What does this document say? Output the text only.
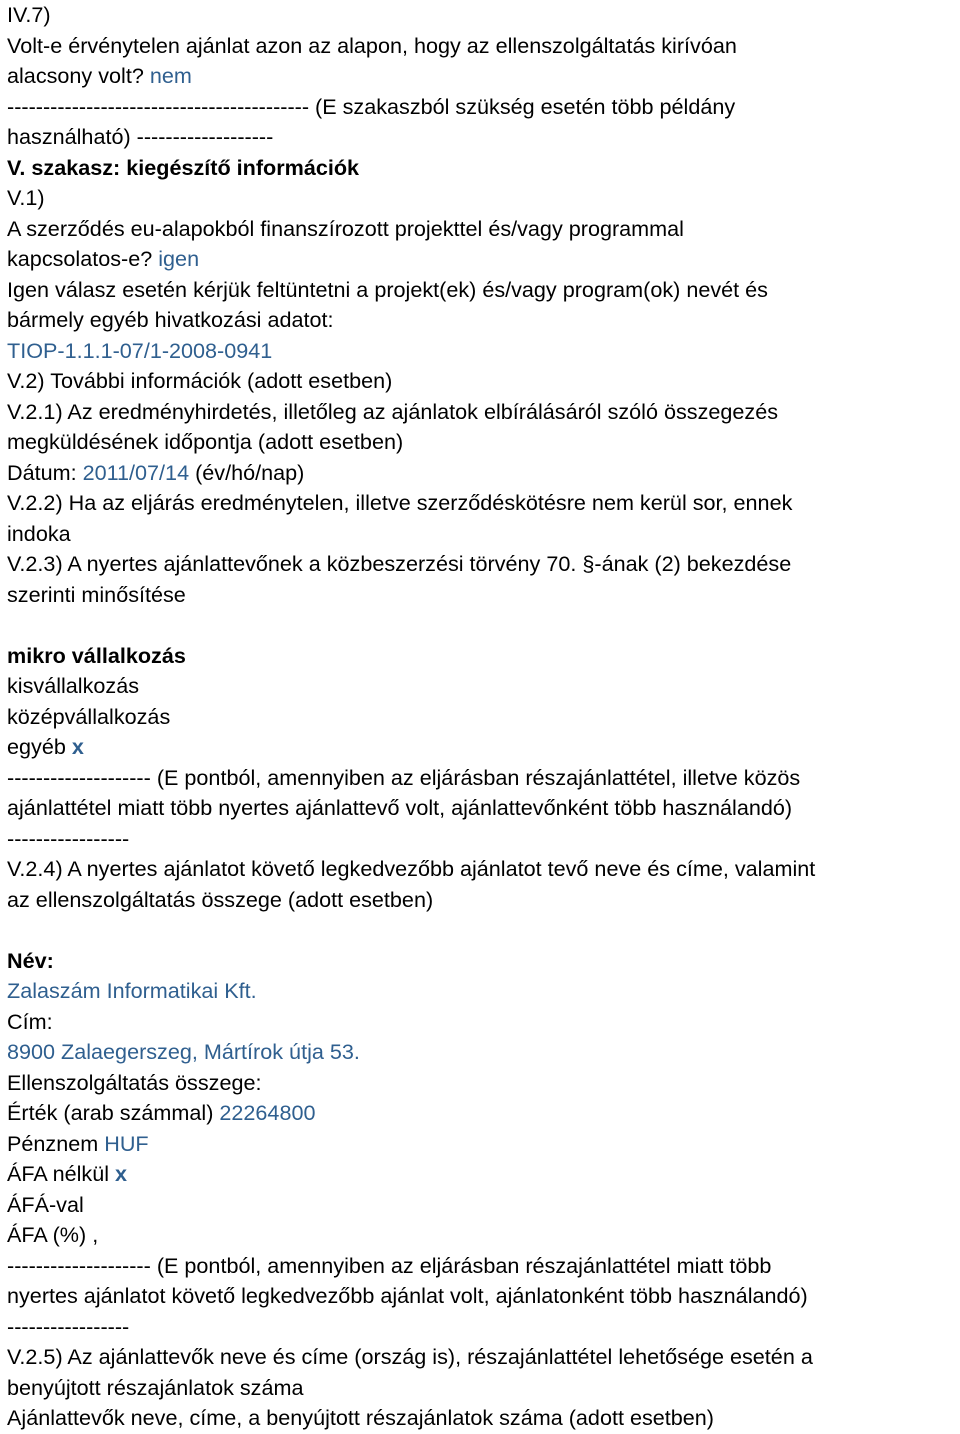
IV.7)
Volt-e érvénytelen ajánlat azon az alapon, hogy az ellenszolgáltatás kirívóan
alacsony volt? nem
------------------------------------------ (E szakaszból szükség esetén több példány
használható) -------------------
V. szakasz: kiegészítő információk
V.1)
A szerződés eu-alapokból finanszírozott projekttel és/vagy programmal
kapcsolatos-e? igen
Igen válasz esetén kérjük feltüntetni a projekt(ek) és/vagy program(ok) nevét és
bármely egyéb hivatkozási adatot:
TIOP-1.1.1-07/1-2008-0941
V.2) További információk (adott esetben)
V.2.1) Az eredményhirdetés, illetőleg az ajánlatok elbírálásáról szóló összegezés
megküldésének időpontja (adott esetben)
Dátum: 2011/07/14 (év/hó/nap)
V.2.2) Ha az eljárás eredménytelen, illetve szerződéskötésre nem kerül sor, ennek
indoka
V.2.3) A nyertes ajánlattevőnek a közbeszerzési törvény 70. §-ának (2) bekezdése
szerinti minősítése
mikro vállalkozás
kisvállalkozás
középvállalkozás
egyéb x
-------------------- (E pontból, amennyiben az eljárásban részajánlattétel, illetve közös
ajánlattétel miatt több nyertes ajánlattevő volt, ajánlattevőnként több használandó)
-----------------
V.2.4) A nyertes ajánlatot követő legkedvezőbb ajánlatot tevő neve és címe, valamint
az ellenszolgáltatás összege (adott esetben)
Név:
Zalaszám Informatikai Kft.
Cím:
8900 Zalaegerszeg, Mártírok útja 53.
Ellenszolgáltatás összege:
Érték (arab számmal) 22264800
Pénznem HUF
ÁFA nélkül x
ÁFÁ-val
ÁFA (%) ,
-------------------- (E pontból, amennyiben az eljárásban részajánlattétel miatt több
nyertes ajánlatot követő legkedvezőbb ajánlat volt, ajánlatonként több használandó)
-----------------
V.2.5) Az ajánlattevők neve és címe (ország is), részajánlattétel lehetősége esetén a
benyújtott részajánlatok száma
Ajánlattevők neve, címe, a benyújtott részajánlatok száma (adott esetben)
